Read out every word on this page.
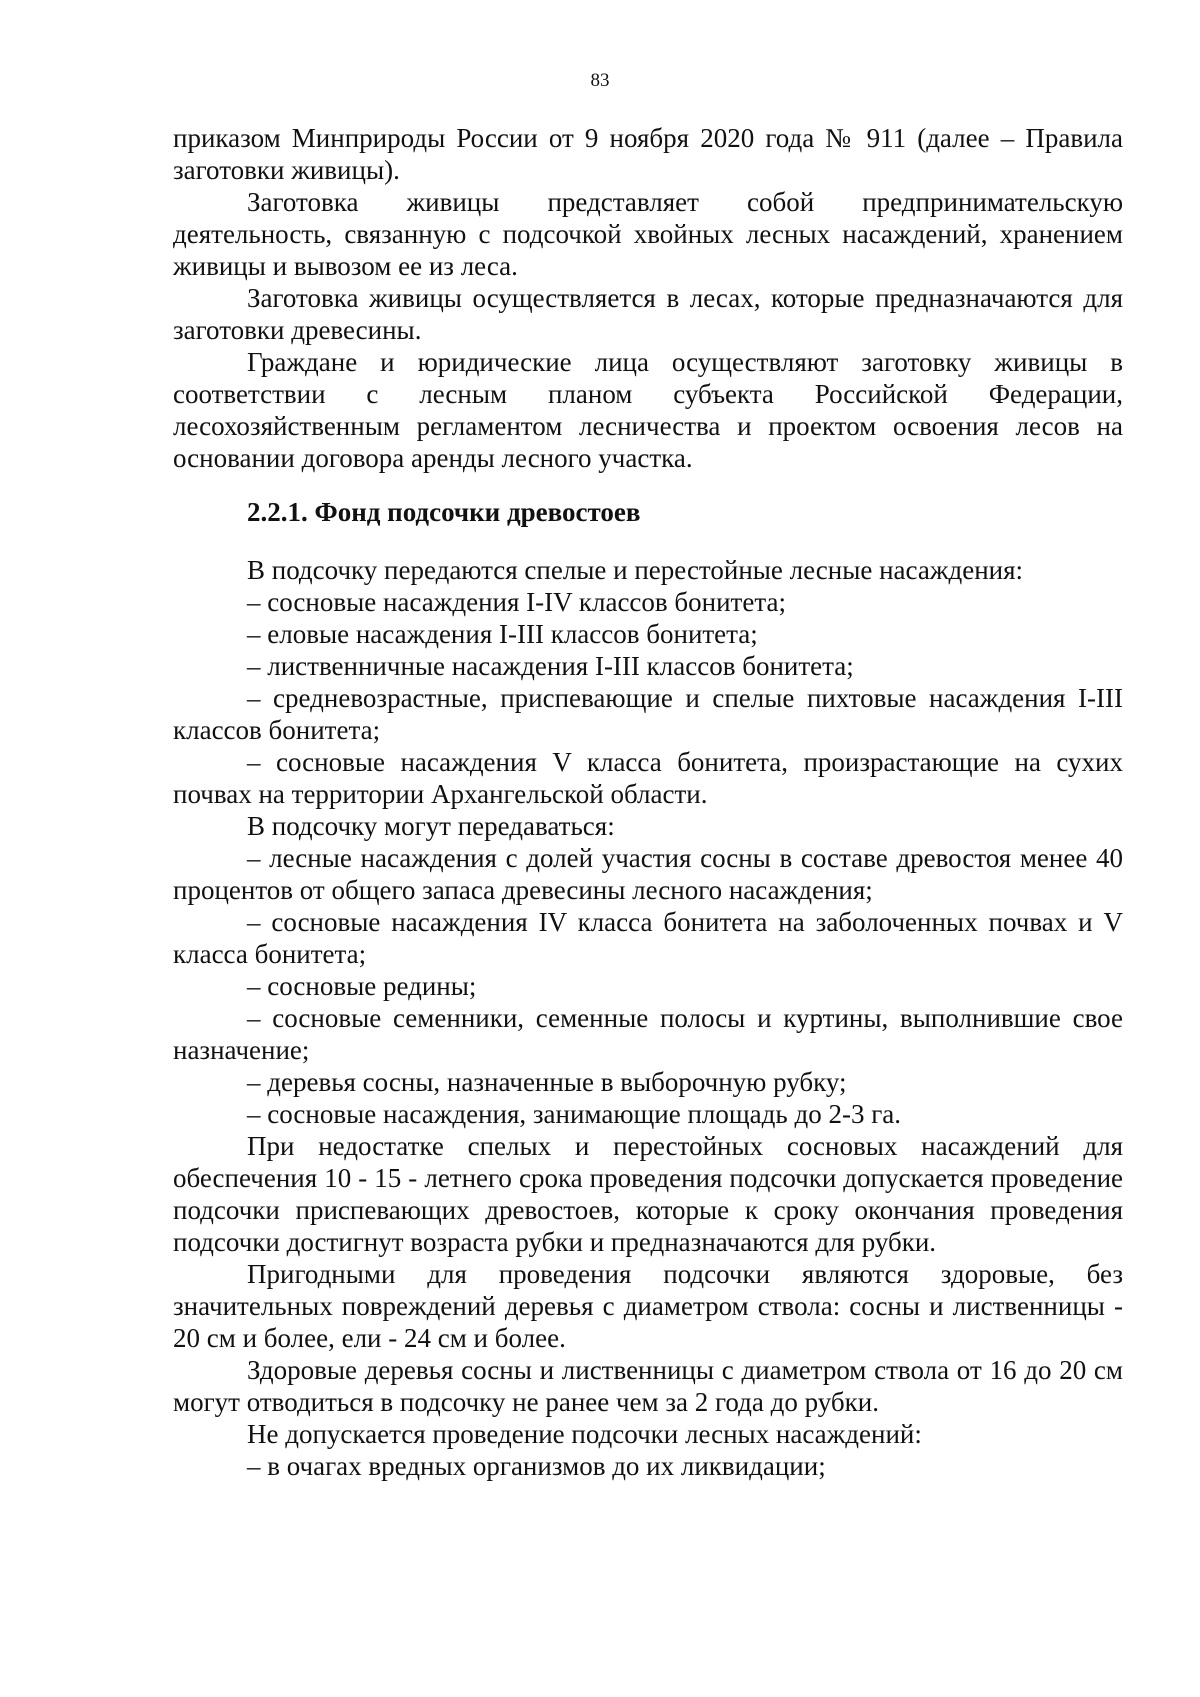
83

приказом Минприроды России от 9 ноября 2020 года № 911 (далее – Правила заготовки живицы).

Заготовка живицы представляет собой предпринимательскую деятельность, связанную с подсочкой хвойных лесных насаждений, хранением живицы и вывозом ее из леса.

Заготовка живицы осуществляется в лесах, которые предназначаются для заготовки древесины.

Граждане и юридические лица осуществляют заготовку живицы в соответствии с лесным планом субъекта Российской Федерации, лесохозяйственным регламентом лесничества и проектом освоения лесов на основании договора аренды лесного участка.

2.2.1. Фонд подсочки древостоев

В подсочку передаются спелые и перестойные лесные насаждения:

– сосновые насаждения I-IV классов бонитета;

– еловые насаждения I-III классов бонитета;

– лиственничные насаждения I-III классов бонитета;

– средневозрастные, приспевающие и спелые пихтовые насаждения I-III классов бонитета;

– сосновые насаждения V класса бонитета, произрастающие на сухих почвах на территории Архангельской области.

В подсочку могут передаваться:

– лесные насаждения с долей участия сосны в составе древостоя менее 40 процентов от общего запаса древесины лесного насаждения;

– сосновые насаждения IV класса бонитета на заболоченных почвах и V класса бонитета;

– сосновые редины;

– сосновые семенники, семенные полосы и куртины, выполнившие свое назначение;

– деревья сосны, назначенные в выборочную рубку;

– сосновые насаждения, занимающие площадь до 2-3 га.

При недостатке спелых и перестойных сосновых насаждений для обеспечения 10 - 15 - летнего срока проведения подсочки допускается проведение подсочки приспевающих древостоев, которые к сроку окончания проведения подсочки достигнут возраста рубки и предназначаются для рубки.

Пригодными для проведения подсочки являются здоровые, без значительных повреждений деревья с диаметром ствола: сосны и лиственницы - 20 см и более, ели - 24 см и более.

Здоровые деревья сосны и лиственницы с диаметром ствола от 16 до 20 см могут отводиться в подсочку не ранее чем за 2 года до рубки.

Не допускается проведение подсочки лесных насаждений:

– в очагах вредных организмов до их ликвидации;
